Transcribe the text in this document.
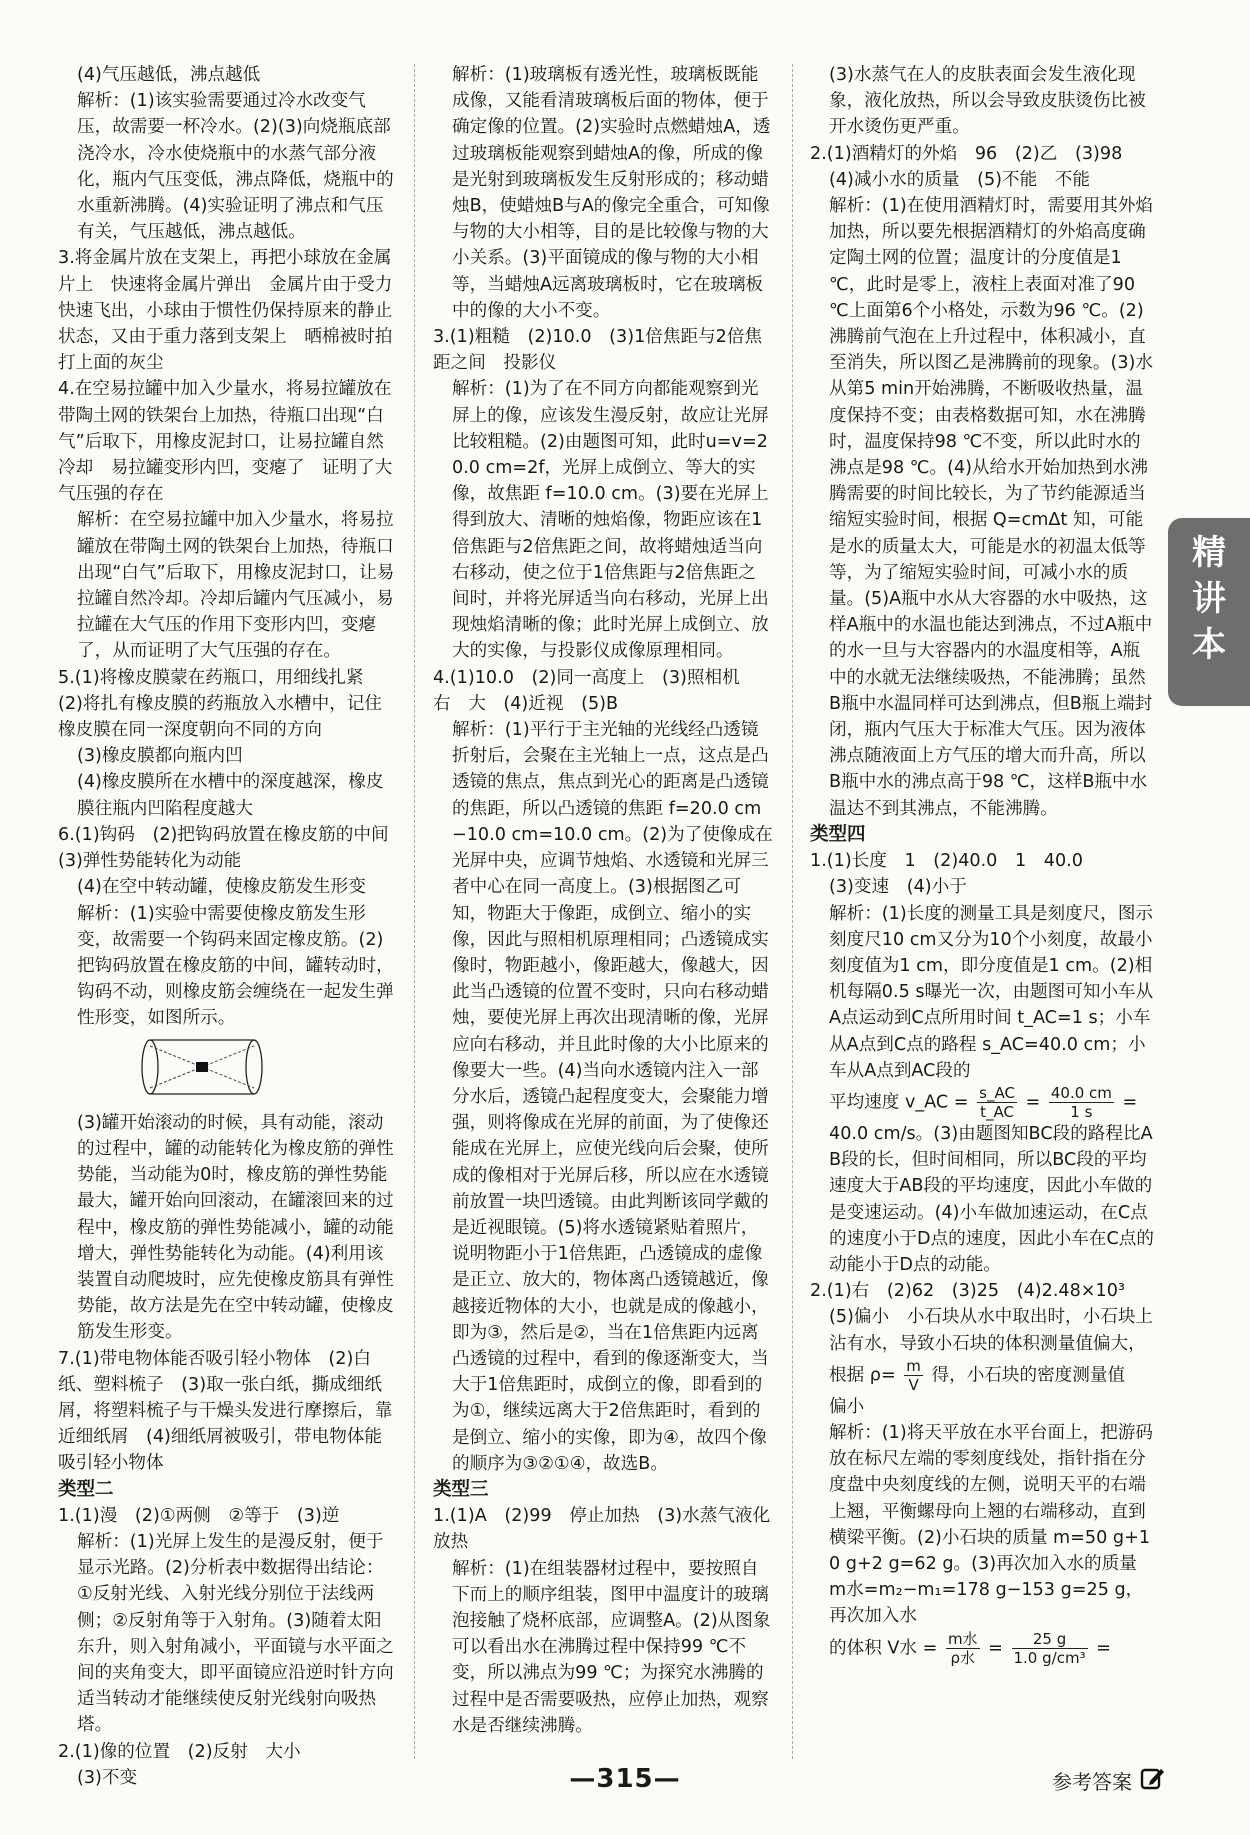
(4)气压越低，沸点越低

解析：(1)该实验需要通过冷水改变气压，故需要一杯冷水。(2)(3)向烧瓶底部浇冷水，冷水使烧瓶中的水蒸气部分液化，瓶内气压变低，沸点降低，烧瓶中的水重新沸腾。(4)实验证明了沸点和气压有关，气压越低，沸点越低。

3.将金属片放在支架上，再把小球放在金属片上　快速将金属片弹出　金属片由于受力快速飞出，小球由于惯性仍保持原来的静止状态，又由于重力落到支架上　晒棉被时拍打上面的灰尘

4.在空易拉罐中加入少量水，将易拉罐放在带陶土网的铁架台上加热，待瓶口出现“白气”后取下，用橡皮泥封口，让易拉罐自然冷却　易拉罐变形内凹，变瘪了　证明了大气压强的存在

解析：在空易拉罐中加入少量水，将易拉罐放在带陶土网的铁架台上加热，待瓶口出现“白气”后取下，用橡皮泥封口，让易拉罐自然冷却。冷却后罐内气压减小，易拉罐在大气压的作用下变形内凹，变瘪了，从而证明了大气压强的存在。

5.(1)将橡皮膜蒙在药瓶口，用细线扎紧　(2)将扎有橡皮膜的药瓶放入水槽中，记住橡皮膜在同一深度朝向不同的方向

(3)橡皮膜都向瓶内凹

(4)橡皮膜所在水槽中的深度越深，橡皮膜往瓶内凹陷程度越大

6.(1)钩码　(2)把钩码放置在橡皮筋的中间　(3)弹性势能转化为动能

(4)在空中转动罐，使橡皮筋发生形变

解析：(1)实验中需要使橡皮筋发生形变，故需要一个钩码来固定橡皮筋。(2)把钩码放置在橡皮筋的中间，罐转动时，钩码不动，则橡皮筋会缠绕在一起发生弹性形变，如图所示。

(3)罐开始滚动的时候，具有动能，滚动的过程中，罐的动能转化为橡皮筋的弹性势能，当动能为0时，橡皮筋的弹性势能最大，罐开始向回滚动，在罐滚回来的过程中，橡皮筋的弹性势能减小，罐的动能增大，弹性势能转化为动能。(4)利用该装置自动爬坡时，应先使橡皮筋具有弹性势能，故方法是先在空中转动罐，使橡皮筋发生形变。

7.(1)带电物体能否吸引轻小物体　(2)白纸、塑料梳子　(3)取一张白纸，撕成细纸屑，将塑料梳子与干燥头发进行摩擦后，靠近细纸屑　(4)细纸屑被吸引，带电物体能吸引轻小物体

类型二

1.(1)漫　(2)①两侧　②等于　(3)逆

解析：(1)光屏上发生的是漫反射，便于显示光路。(2)分析表中数据得出结论：①反射光线、入射光线分别位于法线两侧；②反射角等于入射角。(3)随着太阳东升，则入射角减小，平面镜与水平面之间的夹角变大，即平面镜应沿逆时针方向适当转动才能继续使反射光线射向吸热塔。

2.(1)像的位置　(2)反射　大小

(3)不变

解析：(1)玻璃板有透光性，玻璃板既能成像，又能看清玻璃板后面的物体，便于确定像的位置。(2)实验时点燃蜡烛A，透过玻璃板能观察到蜡烛A的像，所成的像是光射到玻璃板发生反射形成的；移动蜡烛B，使蜡烛B与A的像完全重合，可知像与物的大小相等，目的是比较像与物的大小关系。(3)平面镜成的像与物的大小相等，当蜡烛A远离玻璃板时，它在玻璃板中的像的大小不变。

3.(1)粗糙　(2)10.0　(3)1倍焦距与2倍焦距之间　投影仪

解析：(1)为了在不同方向都能观察到光屏上的像，应该发生漫反射，故应让光屏比较粗糙。(2)由题图可知，此时u=v=20.0 cm=2f，光屏上成倒立、等大的实像，故焦距 f=10.0 cm。(3)要在光屏上得到放大、清晰的烛焰像，物距应该在1倍焦距与2倍焦距之间，故将蜡烛适当向右移动，使之位于1倍焦距与2倍焦距之间时，并将光屏适当向右移动，光屏上出现烛焰清晰的像；此时光屏上成倒立、放大的实像，与投影仪成像原理相同。

4.(1)10.0　(2)同一高度上　(3)照相机　右　大　(4)近视　(5)B

解析：(1)平行于主光轴的光线经凸透镜折射后，会聚在主光轴上一点，这点是凸透镜的焦点，焦点到光心的距离是凸透镜的焦距，所以凸透镜的焦距 f=20.0 cm−10.0 cm=10.0 cm。(2)为了使像成在光屏中央，应调节烛焰、水透镜和光屏三者中心在同一高度上。(3)根据图乙可知，物距大于像距，成倒立、缩小的实像，因此与照相机原理相同；凸透镜成实像时，物距越小，像距越大，像越大，因此当凸透镜的位置不变时，只向右移动蜡烛，要使光屏上再次出现清晰的像，光屏应向右移动，并且此时像的大小比原来的像要大一些。(4)当向水透镜内注入一部分水后，透镜凸起程度变大，会聚能力增强，则将像成在光屏的前面，为了使像还能成在光屏上，应使光线向后会聚，使所成的像相对于光屏后移，所以应在水透镜前放置一块凹透镜。由此判断该同学戴的是近视眼镜。(5)将水透镜紧贴着照片，说明物距小于1倍焦距，凸透镜成的虚像是正立、放大的，物体离凸透镜越近，像越接近物体的大小，也就是成的像越小，即为③，然后是②，当在1倍焦距内远离凸透镜的过程中，看到的像逐渐变大，当大于1倍焦距时，成倒立的像，即看到的为①，继续远离大于2倍焦距时，看到的是倒立、缩小的实像，即为④，故四个像的顺序为③②①④，故选B。

类型三

1.(1)A　(2)99　停止加热　(3)水蒸气液化放热

解析：(1)在组装器材过程中，要按照自下而上的顺序组装，图甲中温度计的玻璃泡接触了烧杯底部，应调整A。(2)从图象可以看出水在沸腾过程中保持99 ℃不变，所以沸点为99 ℃；为探究水沸腾的过程中是否需要吸热，应停止加热，观察水是否继续沸腾。

(3)水蒸气在人的皮肤表面会发生液化现象，液化放热，所以会导致皮肤烫伤比被开水烫伤更严重。

2.(1)酒精灯的外焰　96　(2)乙　(3)98

(4)减小水的质量　(5)不能　不能

解析：(1)在使用酒精灯时，需要用其外焰加热，所以要先根据酒精灯的外焰高度确定陶土网的位置；温度计的分度值是1 ℃，此时是零上，液柱上表面对准了90 ℃上面第6个小格处，示数为96 ℃。(2)沸腾前气泡在上升过程中，体积减小，直至消失，所以图乙是沸腾前的现象。(3)水从第5 min开始沸腾，不断吸收热量，温度保持不变；由表格数据可知，水在沸腾时，温度保持98 ℃不变，所以此时水的沸点是98 ℃。(4)从给水开始加热到水沸腾需要的时间比较长，为了节约能源适当缩短实验时间，根据 Q=cmΔt 知，可能是水的质量太大，可能是水的初温太低等等，为了缩短实验时间，可减小水的质量。(5)A瓶中水从大容器的水中吸热，这样A瓶中的水温也能达到沸点，不过A瓶中的水一旦与大容器内的水温度相等，A瓶中的水就无法继续吸热，不能沸腾；虽然B瓶中水温同样可达到沸点，但B瓶上端封闭，瓶内气压大于标准大气压。因为液体沸点随液面上方气压的增大而升高，所以B瓶中水的沸点高于98 ℃，这样B瓶中水温达不到其沸点，不能沸腾。

类型四

1.(1)长度　1　(2)40.0　1　40.0

(3)变速　(4)小于

解析：(1)长度的测量工具是刻度尺，图示刻度尺10 cm又分为10个小刻度，故最小刻度值为1 cm，即分度值是1 cm。(2)相机每隔0.5 s曝光一次，由题图可知小车从A点运动到C点所用时间 t_AC=1 s；小车从A点到C点的路程 s_AC=40.0 cm；小车从A点到AC段的

平均速度 v_AC = $\frac{s\_AC}{t\_AC} = \frac{40.0 cm}{1 s}$ =

40.0 cm/s。(3)由题图知BC段的路程比AB段的长，但时间相同，所以BC段的平均速度大于AB段的平均速度，因此小车做的是变速运动。(4)小车做加速运动，在C点的速度小于D点的速度，因此小车在C点的动能小于D点的动能。

2.(1)右　(2)62　(3)25　(4)2.48×10³

(5)偏小　小石块从水中取出时，小石块上沾有水，导致小石块的体积测量值偏大，

根据 $\rho= \frac{m}{V}$ 得，小石块的密度测量值

偏小

解析：(1)将天平放在水平台面上，把游码放在标尺左端的零刻度线处，指针指在分度盘中央刻度线的左侧，说明天平的右端上翘，平衡螺母向上翘的右端移动，直到横梁平衡。(2)小石块的质量 m=50 g+10 g+2 g=62 g。(3)再次加入水的质量 m水=m₂−m₁=178 g−153 g=25 g，再次加入水

的体积 V水 = $\frac{\text{m水}}{\text{ρ水}} = \frac{25 g}{\text{1.0 g/cm³}}$ =

精
讲
本
—315—	参考答案
